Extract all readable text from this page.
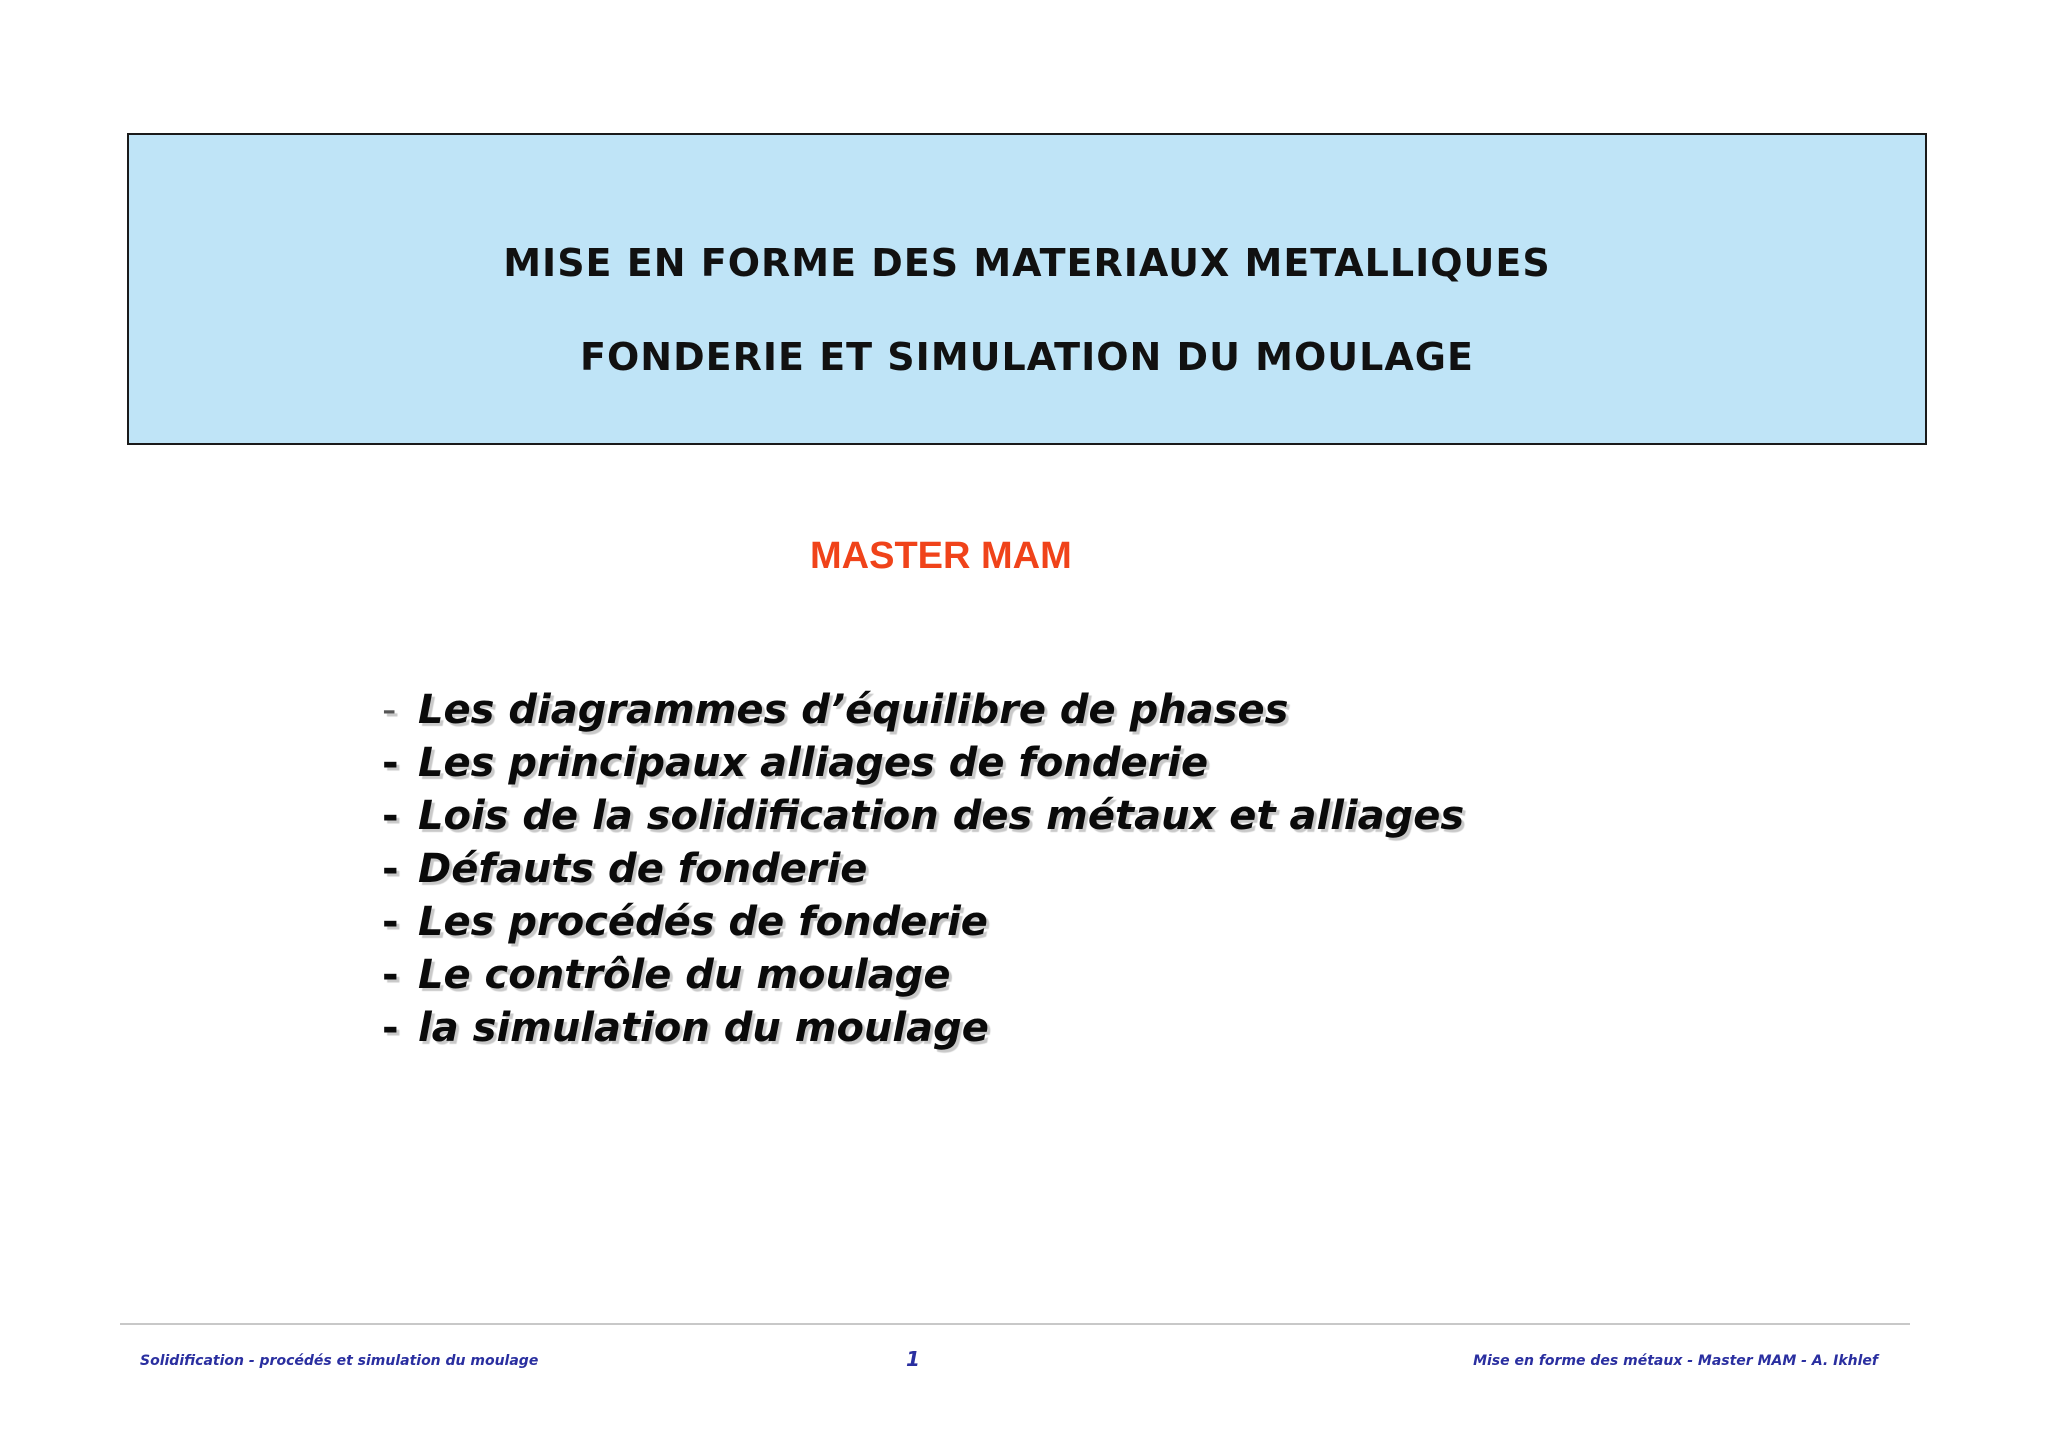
MISE EN FORME DES MATERIAUX METALLIQUES

FONDERIE ET SIMULATION DU MOULAGE

MASTER MAM

- Les diagrammes d’équilibre de phases
- Les principaux alliages de fonderie
- Lois de la solidification des métaux et alliages
- Défauts de fonderie
- Les procédés de fonderie
- Le contrôle du moulage
- la simulation du moulage

Solidification - procédés et simulation du moulage	1	Mise en forme des métaux - Master MAM - A. Ikhlef
